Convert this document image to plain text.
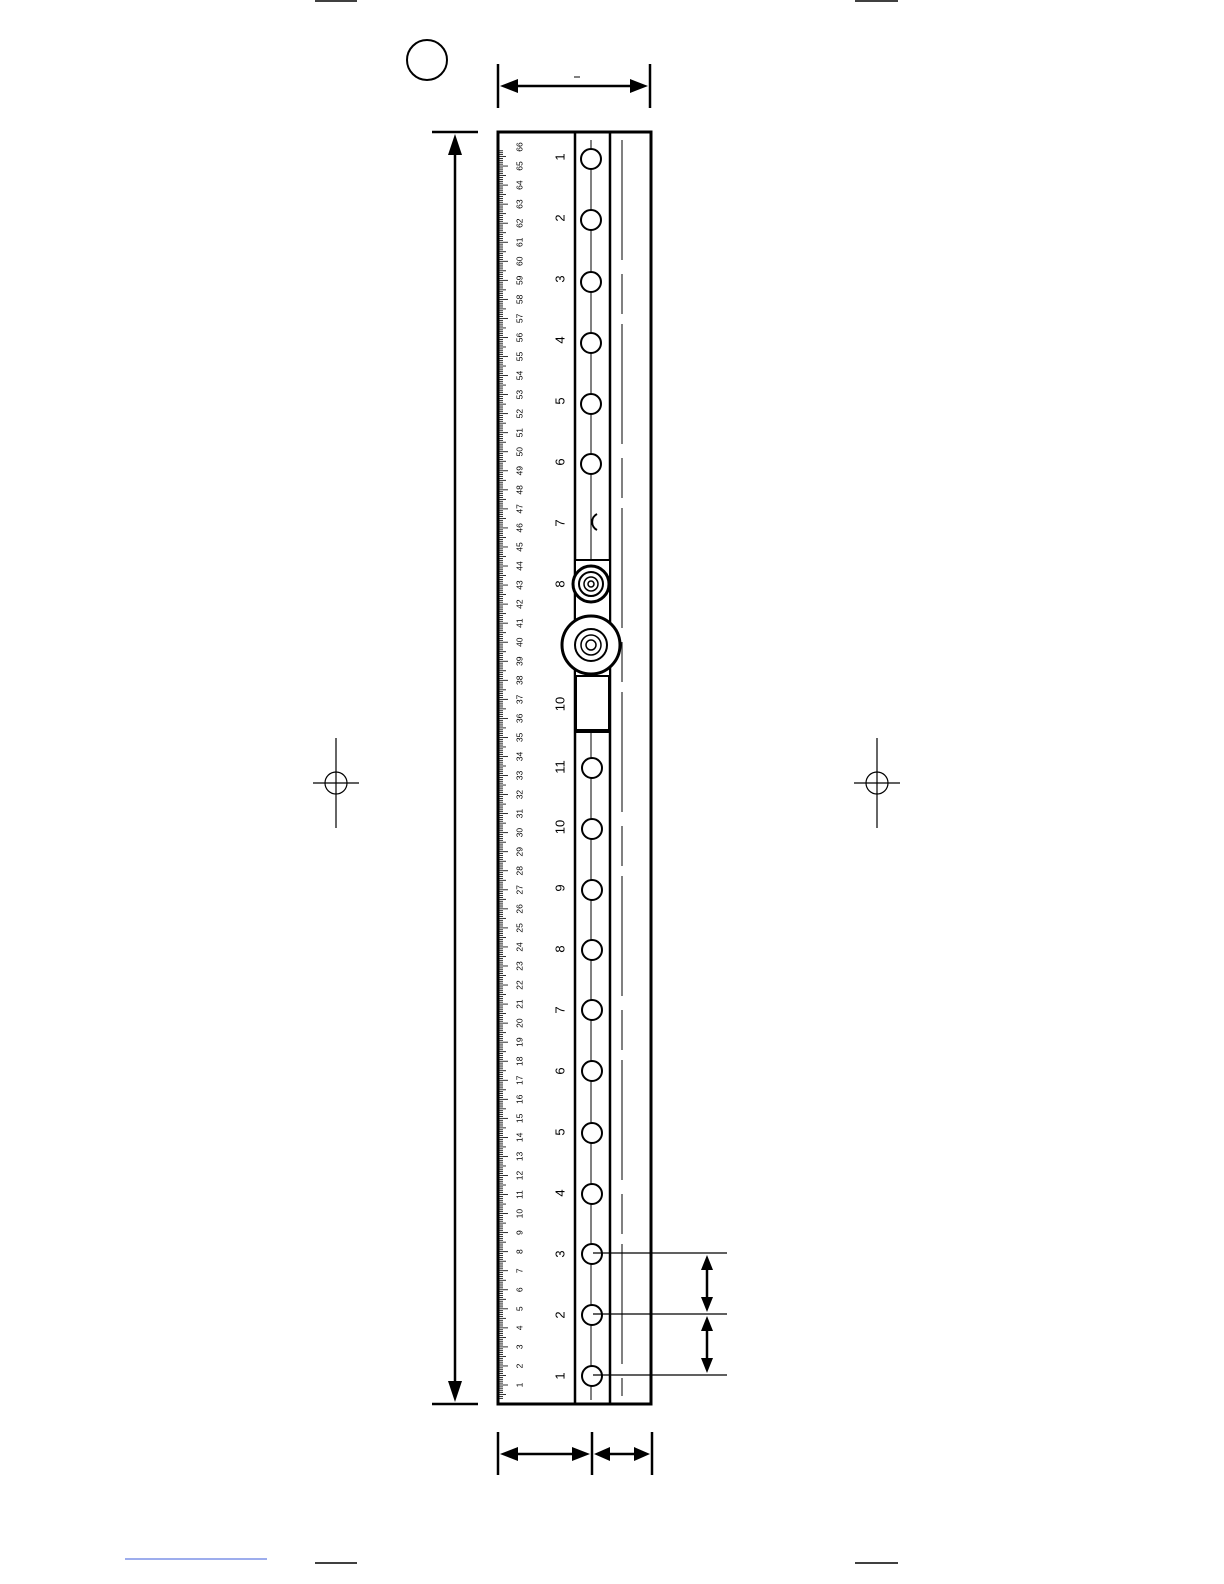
1
2
3
4
5
6
7
8
9
10
11
12
13
14
15
16
17
18
19
20
21
22
23
24
25
26
27
28
29
30
31
32
33
34
35
36
37
38
39
40
41
42
43
44
45
46
47
48
49
50
51
52
53
54
55
56
57
58
59
60
61
62
63
64
65
66
1
2
3
4
5
6
7
8
10
11
10
9
8
7
6
5
4
3
2
1
